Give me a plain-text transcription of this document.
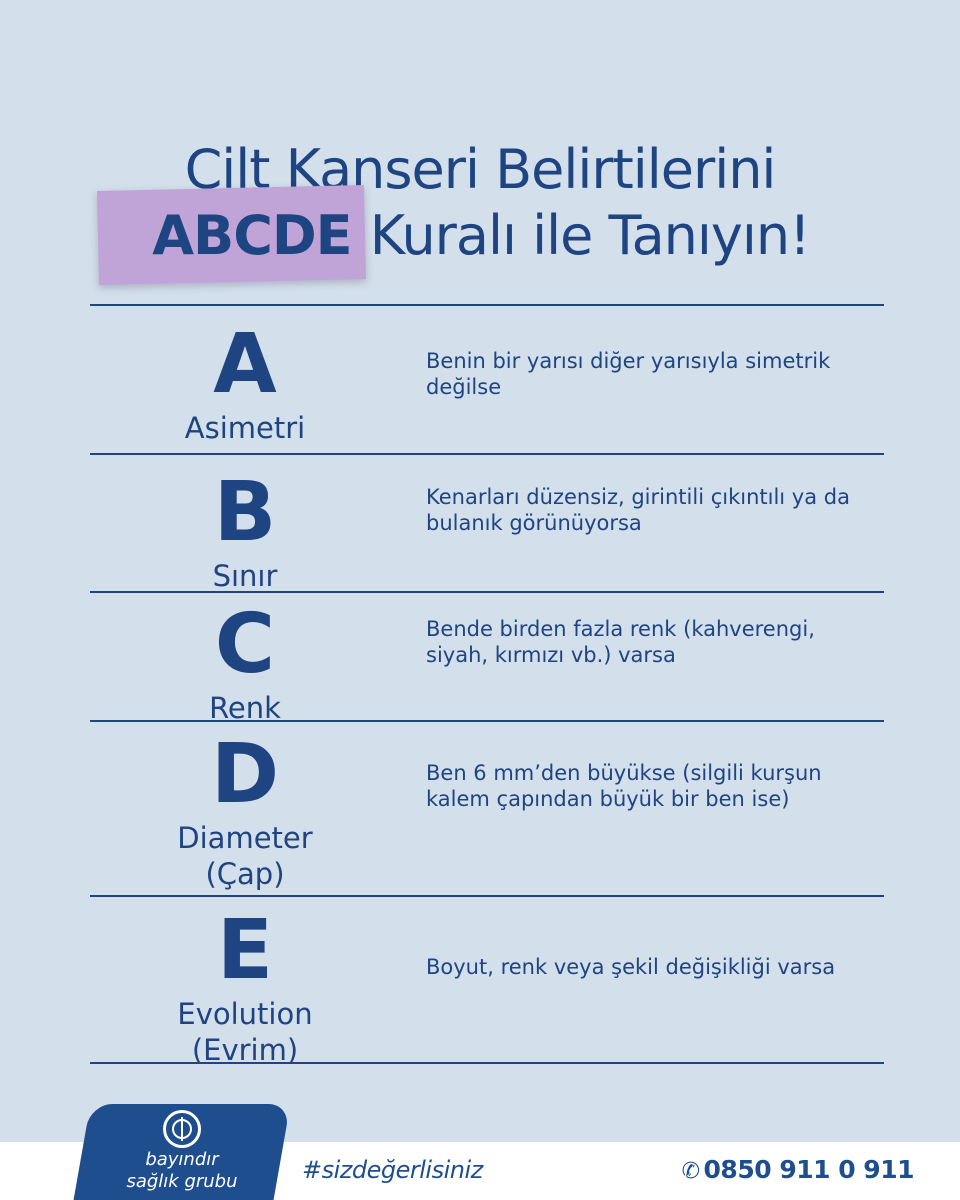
Cilt Kanseri Belirtilerini
ABCDE Kuralı ile Tanıyın!
A
Asimetri
Benin bir yarısı diğer yarısıyla simetrik değilse
B
Sınır
Kenarları düzensiz, girintili çıkıntılı ya da bulanık görünüyorsa
C
Renk
Bende birden fazla renk (kahverengi, siyah, kırmızı vb.) varsa
D
Diameter (Çap)
Ben 6 mm’den büyükse (silgili kurşun kalem çapından büyük bir ben ise)
E
Evolution (Evrim)
Boyut, renk veya şekil değişikliği varsa
bayındır
sağlık grubu	#sizdeğerlisiniz	✆ 0850 911 0 911
